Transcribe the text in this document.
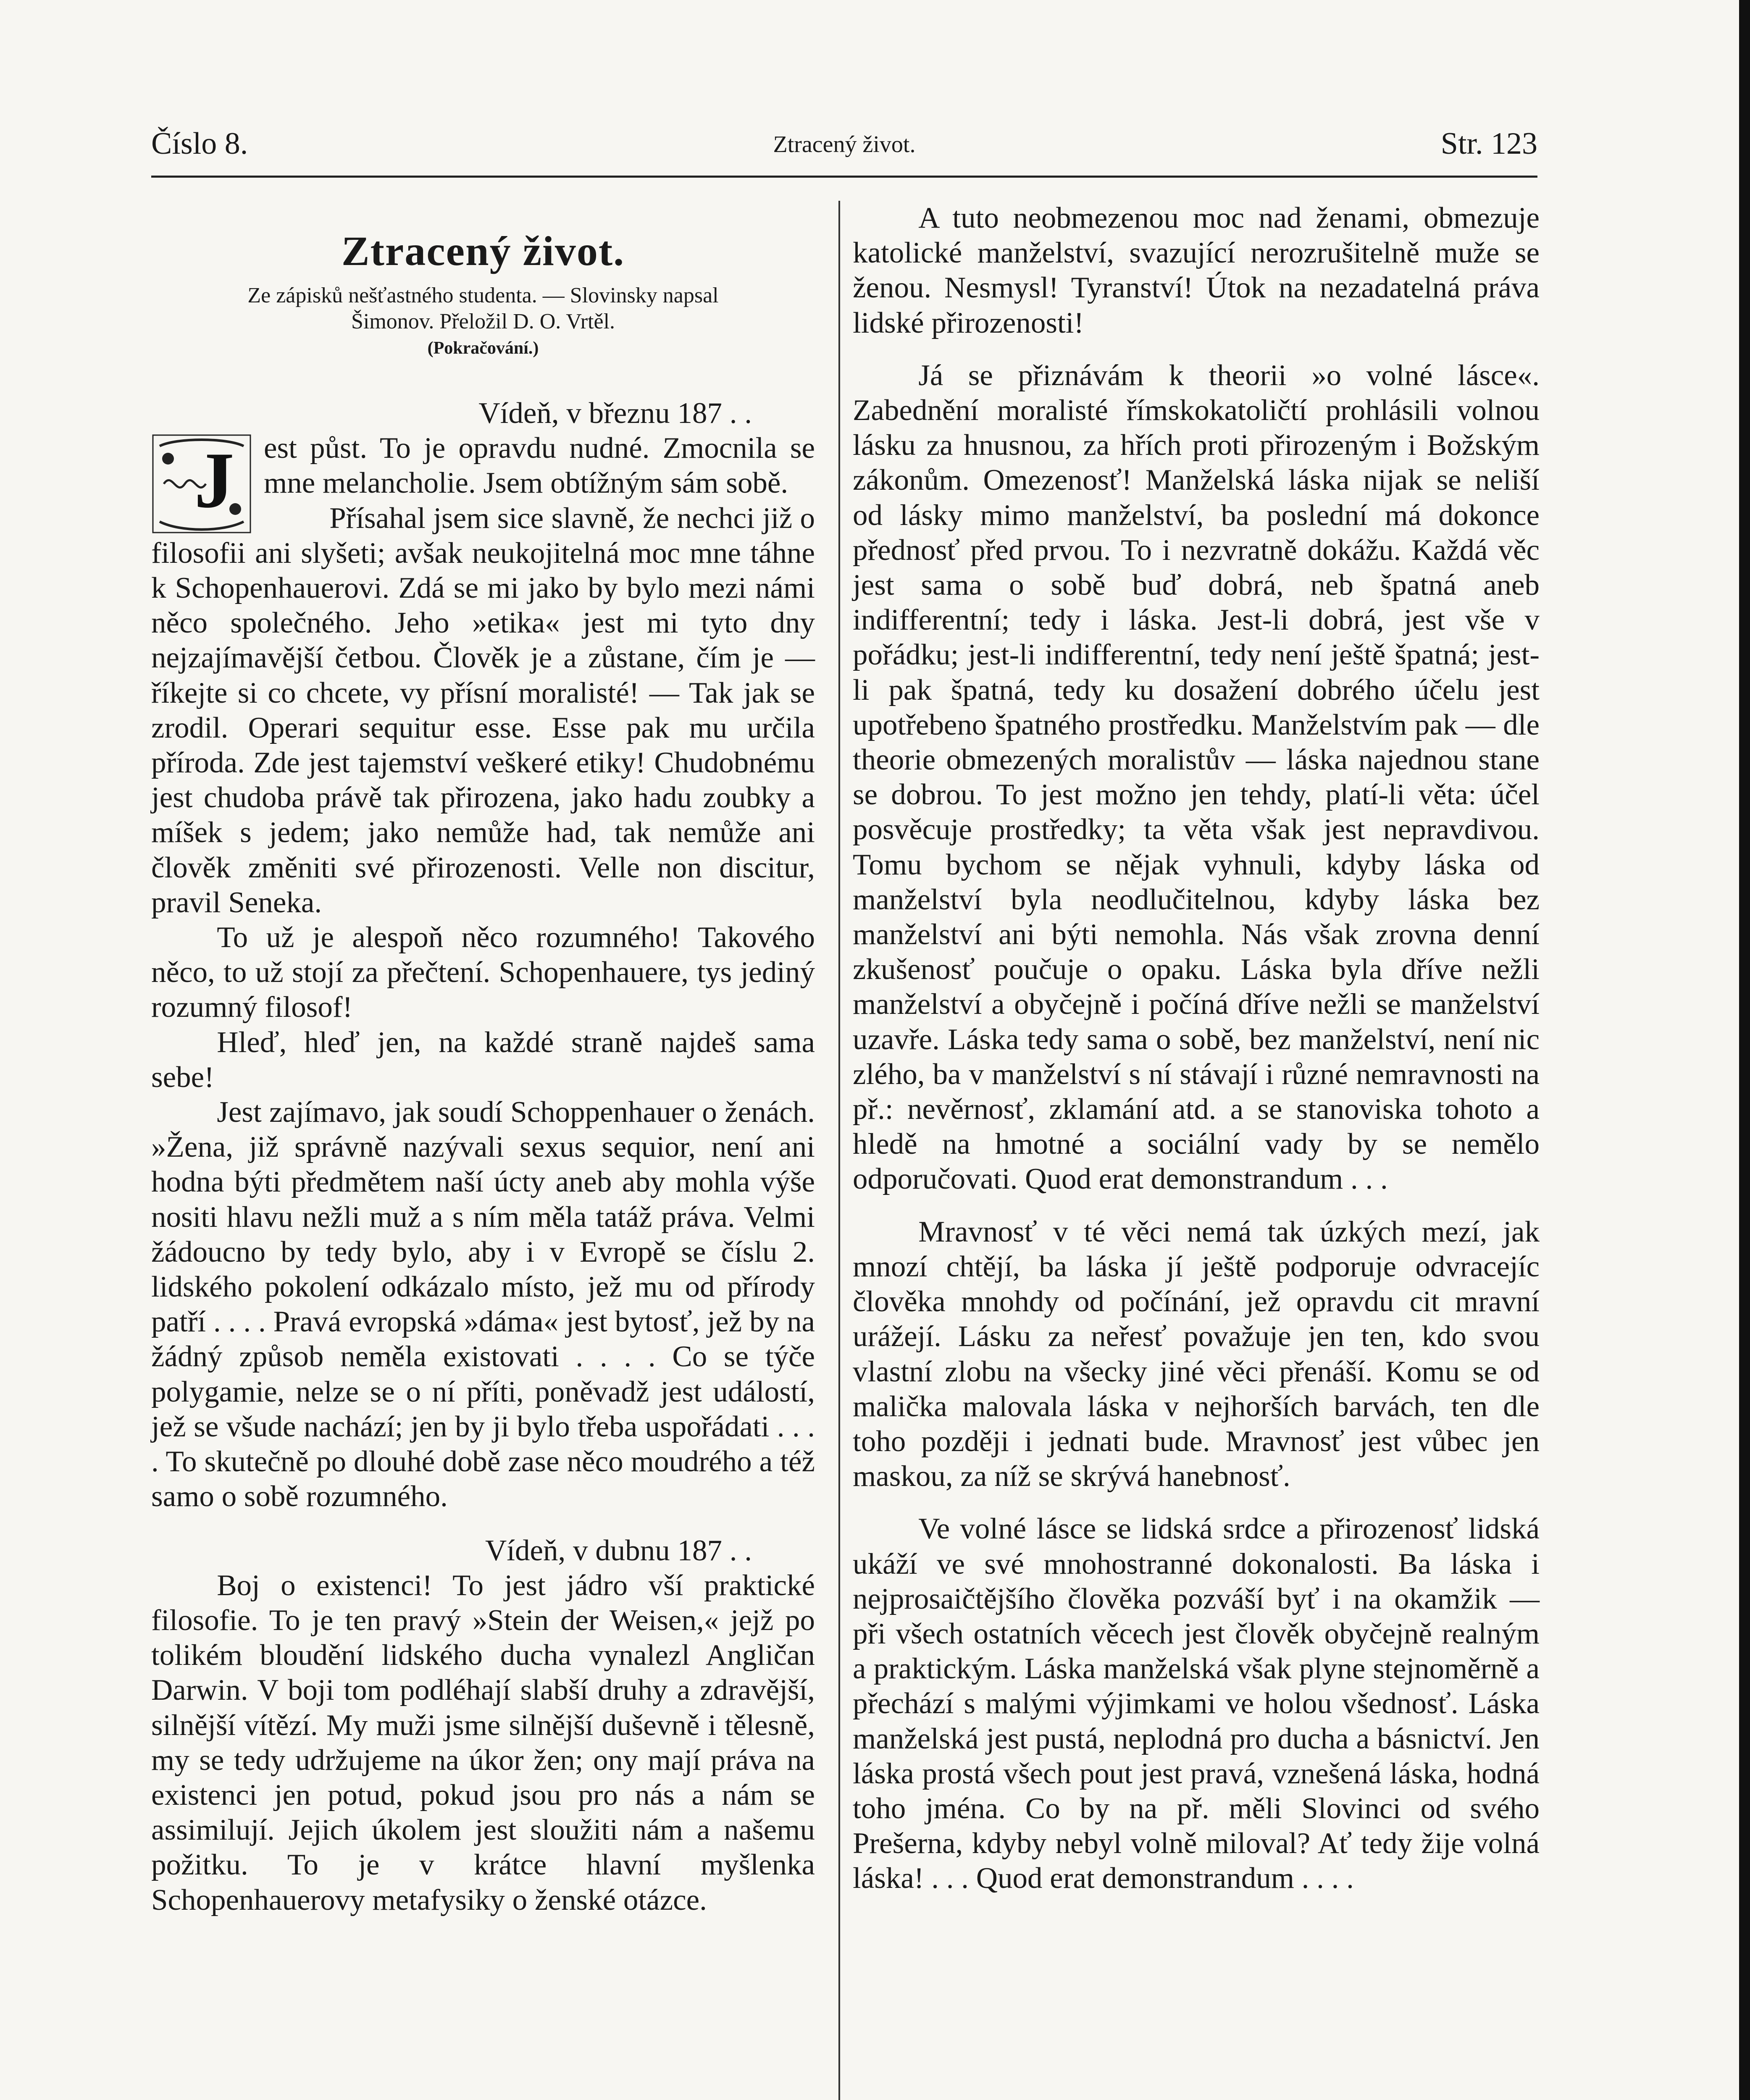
Číslo 8.	Ztracený život.	Str. 123
Ztracený život.
Ze zápisků nešťastného studenta. — Slovinsky napsal
Šimonov. Přeložil D. O. Vrtěl.
(Pokračování.)
Vídeň, v březnu 187 . .
J est půst. To je opravdu nudné. Zmocnila se mne melancholie. Jsem obtížným sám sobě.

Přísahal jsem sice slavně, že nechci již o filosofii ani slyšeti; avšak neukojitelná moc mne táhne k Schopenhauerovi. Zdá se mi jako by bylo mezi námi něco společného. Jeho »etika« jest mi tyto dny nejzajímavější četbou. Člověk je a zůstane, čím je — říkejte si co chcete, vy přísní moralisté! — Tak jak se zrodil. Operari sequitur esse. Esse pak mu určila příroda. Zde jest tajemství veškeré etiky! Chudobnému jest chudoba právě tak přirozena, jako hadu zoubky a míšek s jedem; jako nemůže had, tak nemůže ani člověk změniti své přirozenosti. Velle non discitur, pravil Seneka.

To už je alespoň něco rozumného! Takového něco, to už stojí za přečtení. Schopenhauere, tys jediný rozumný filosof!

Hleď, hleď jen, na každé straně najdeš sama sebe!

Jest zajímavo, jak soudí Schoppenhauer o ženách. »Žena, již správně nazývali sexus sequior, není ani hodna býti předmětem naší úcty aneb aby mohla výše nositi hlavu nežli muž a s ním měla tatáž práva. Velmi žádoucno by tedy bylo, aby i v Evropě se číslu 2. lidského pokolení odkázalo místo, jež mu od přírody patří . . . . Pravá evropská »dáma« jest bytosť, jež by na žádný způsob neměla existovati . . . . Co se týče polygamie, nelze se o ní příti, poněvadž jest událostí, jež se všude nachází; jen by ji bylo třeba uspořádati . . . . To skutečně po dlouhé době zase něco moudrého a též samo o sobě rozumného.

Vídeň, v dubnu 187 . .

Boj o existenci! To jest jádro vší praktické filosofie. To je ten pravý »Stein der Weisen,« jejž po tolikém bloudění lidského ducha vynalezl Angličan Darwin. V boji tom podléhají slabší druhy a zdravější, silnější vítězí. My muži jsme silnější duševně i tělesně, my se tedy udržujeme na úkor žen; ony mají práva na existenci jen potud, pokud jsou pro nás a nám se assimilují. Jejich úkolem jest sloužiti nám a našemu požitku. To je v krátce hlavní myšlenka Schopenhauerovy metafysiky o ženské otázce.

A tuto neobmezenou moc nad ženami, obmezuje katolické manželství, svazující nerozrušitelně muže se ženou. Nesmysl! Tyranství! Útok na nezadatelná práva lidské přirozenosti!

Já se přiznávám k theorii »o volné lásce«. Zabednění moralisté římskokatoličtí prohlásili volnou lásku za hnusnou, za hřích proti přirozeným i Božským zákonům. Omezenosť! Manželská láska nijak se neliší od lásky mimo manželství, ba poslední má dokonce přednosť před prvou. To i nezvratně dokážu. Každá věc jest sama o sobě buď dobrá, neb špatná aneb indifferentní; tedy i láska. Jest-li dobrá, jest vše v pořádku; jest-li indifferentní, tedy není ještě špatná; jest-li pak špatná, tedy ku dosažení dobrého účelu jest upotřebeno špatného prostředku. Manželstvím pak — dle theorie obmezených moralistův — láska najednou stane se dobrou. To jest možno jen tehdy, platí-li věta: účel posvěcuje prostředky; ta věta však jest nepravdivou. Tomu bychom se nějak vyhnuli, kdyby láska od manželství byla neodlučitelnou, kdyby láska bez manželství ani býti nemohla. Nás však zrovna denní zkušenosť poučuje o opaku. Láska byla dříve nežli manželství a obyčejně i počíná dříve nežli se manželství uzavře. Láska tedy sama o sobě, bez manželství, není nic zlého, ba v manželství s ní stávají i různé nemravnosti na př.: nevěrnosť, zklamání atd. a se stanoviska tohoto a hledě na hmotné a sociální vady by se nemělo odporučovati. Quod erat demonstrandum . . .

Mravnosť v té věci nemá tak úzkých mezí, jak mnozí chtějí, ba láska jí ještě podporuje odvracejíc člověka mnohdy od počínání, jež opravdu cit mravní urážejí. Lásku za neřesť považuje jen ten, kdo svou vlastní zlobu na všecky jiné věci přenáší. Komu se od malička malovala láska v nejhorších barvách, ten dle toho později i jednati bude. Mravnosť jest vůbec jen maskou, za níž se skrývá hanebnosť.

Ve volné lásce se lidská srdce a přirozenosť lidská ukáží ve své mnohostranné dokonalosti. Ba láska i nejprosaičtějšího člověka pozváší byť i na okamžik — při všech ostatních věcech jest člověk obyčejně realným a praktickým. Láska manželská však plyne stejnoměrně a přechází s malými výjimkami ve holou všednosť. Láska manželská jest pustá, neplodná pro ducha a básnictví. Jen láska prostá všech pout jest pravá, vznešená láska, hodná toho jména. Co by na př. měli Slovinci od svého Prešerna, kdyby nebyl volně miloval? Ať tedy žije volná láska! . . . Quod erat demonstrandum . . . .
